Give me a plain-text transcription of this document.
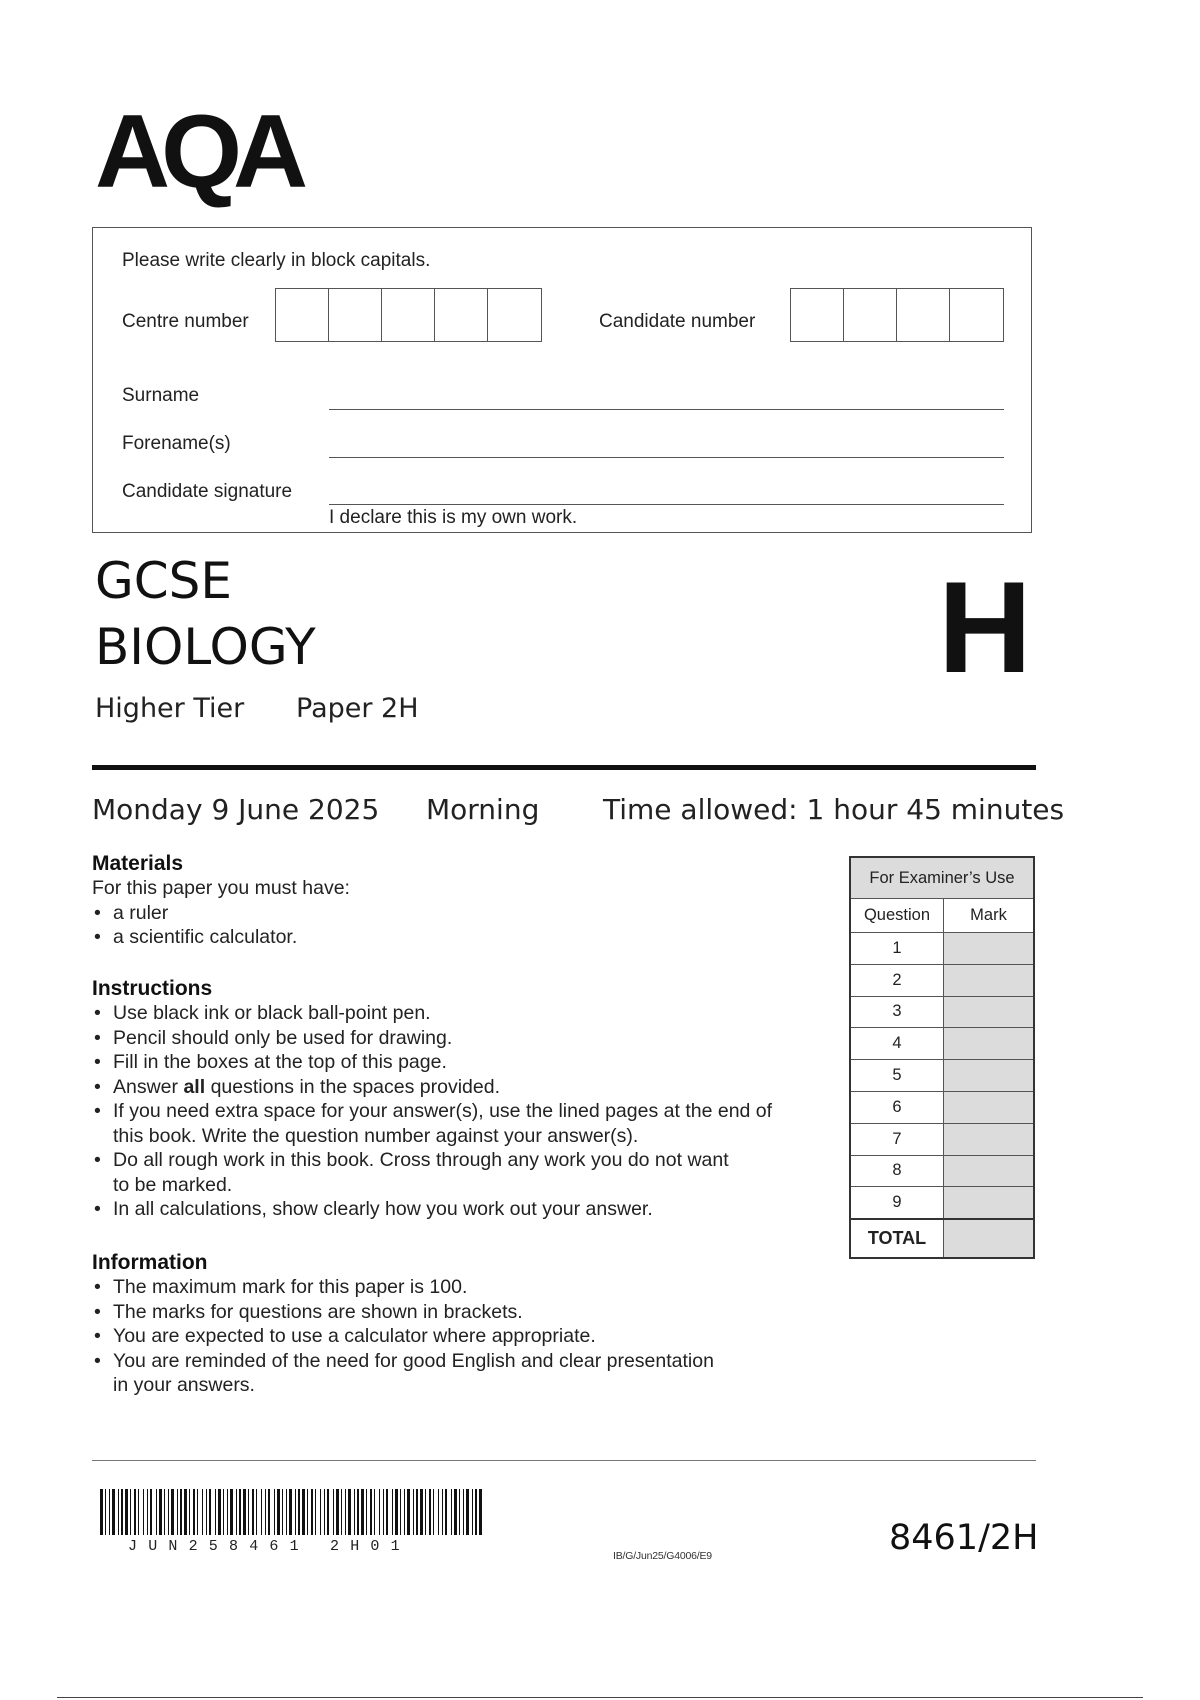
AQA
Please write clearly in block capitals.
Centre number	Candidate number
Surname
Forename(s)
Candidate signature
I declare this is my own work.
GCSE
BIOLOGY
Higher Tier Paper 2H
H
Monday 9 June 2025 Morning Time allowed: 1 hour 45 minutes
Materials
For this paper you must have:
• a ruler
• a scientific calculator.
Instructions
• Use black ink or black ball-point pen.
• Pencil should only be used for drawing.
• Fill in the boxes at the top of this page.
• Answer all questions in the spaces provided.
• If you need extra space for your answer(s), use the lined pages at the end of
this book. Write the question number against your answer(s).
• Do all rough work in this book. Cross through any work you do not want
to be marked.
• In all calculations, show clearly how you work out your answer.
Information
• The maximum mark for this paper is 100.
• The marks for questions are shown in brackets.
• You are expected to use a calculator where appropriate.
• You are reminded of the need for good English and clear presentation
in your answers.
For Examiner’s Use	
Question	Mark
1	
2	
3	
4	
5	
6	
7	
8	
9	
TOTAL	
JUN258461 2H01
IB/G/Jun25/G4006/E9	8461/2H
